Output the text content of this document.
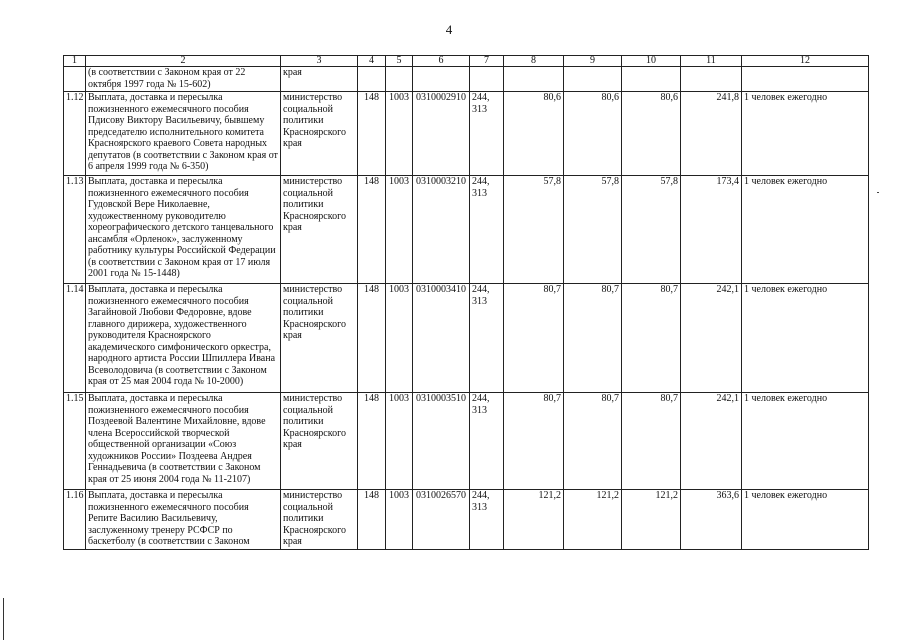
4
1	2	3	4	5	6	7	8	9	10	11	12
	(в соответствии с Законом края от 22 октября 1997 года № 15-602)	края									
1.12	Выплата, доставка и пересылка пожизненного ежемесячного пособия Пдисову Виктору Васильевичу, бывшему председателю исполнительного комитета Красноярского краевого Совета народных депутатов (в соответствии с Законом края от 6 апреля 1999 года № 6-350)	министерство социальной политики Красноярского края	148	1003	0310002910	244, 313	80,6	80,6	80,6	241,8	1 человек ежегодно
1.13	Выплата, доставка и пересылка пожизненного ежемесячного пособия Гудовской Вере Николаевне, художественному руководителю хореографического детского танцевального ансамбля «Орленок», заслуженному работнику культуры Российской Федерации (в соответствии с Законом края от 17 июля 2001 года № 15-1448)	министерство социальной политики Красноярского края	148	1003	0310003210	244, 313	57,8	57,8	57,8	173,4	1 человек ежегодно
1.14	Выплата, доставка и пересылка пожизненного ежемесячного пособия Загайновой Любови Федоровне, вдове главного дирижера, художественного руководителя Красноярского академического симфонического оркестра, народного артиста России Шпиллера Ивана Всеволодовича (в соответствии с Законом края от 25 мая 2004 года № 10-2000)	министерство социальной политики Красноярского края	148	1003	0310003410	244, 313	80,7	80,7	80,7	242,1	1 человек ежегодно
1.15	Выплата, доставка и пересылка пожизненного ежемесячного пособия Поздеевой Валентине Михайловне, вдове члена Всероссийской творческой общественной организации «Союз художников России» Поздеева Андрея Геннадьевича (в соответствии с Законом края от 25 июня 2004 года № 11-2107)	министерство социальной политики Красноярского края	148	1003	0310003510	244, 313	80,7	80,7	80,7	242,1	1 человек ежегодно
1.16	Выплата, доставка и пересылка пожизненного ежемесячного пособия Репите Василию Васильевичу, заслуженному тренеру РСФСР по баскетболу (в соответствии с Законом	министерство социальной политики Красноярского края	148	1003	0310026570	244, 313	121,2	121,2	121,2	363,6	1 человек ежегодно
